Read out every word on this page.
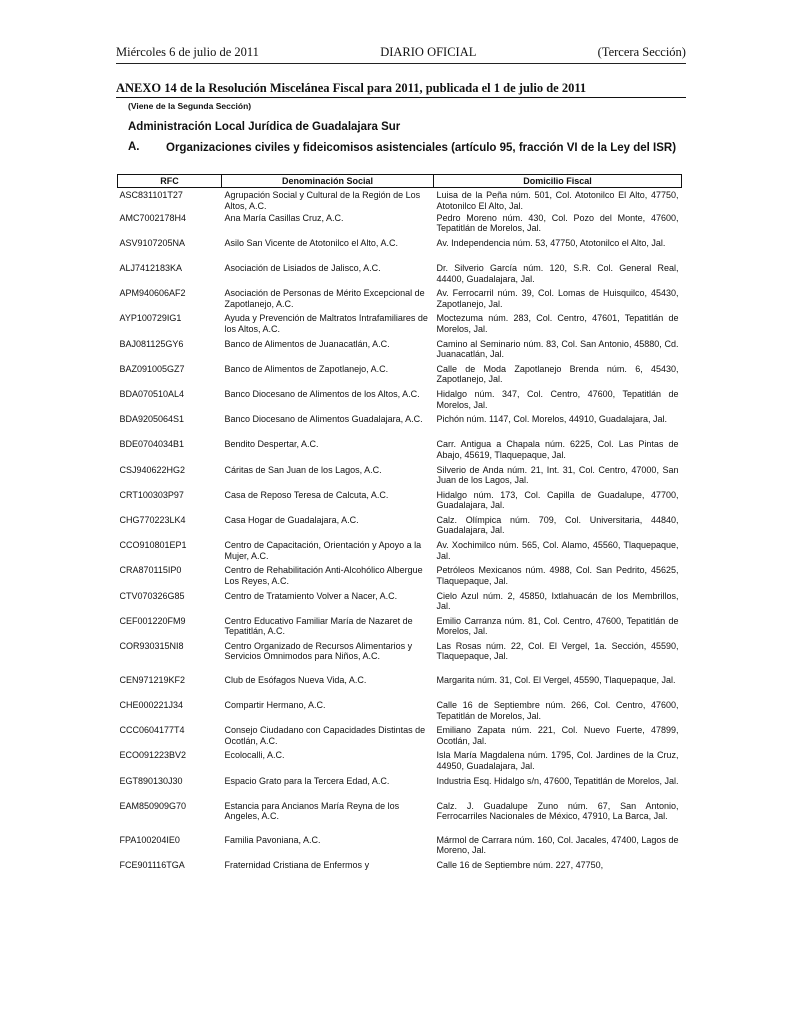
Miércoles 6 de julio de 2011	DIARIO OFICIAL	(Tercera Sección)
ANEXO 14 de la Resolución Miscelánea Fiscal para 2011, publicada el 1 de julio de 2011
(Viene de la Segunda Sección)
Administración Local Jurídica de Guadalajara Sur
A. Organizaciones civiles y fideicomisos asistenciales (artículo 95, fracción VI de la Ley del ISR)
RFC	Denominación Social	Domicilio Fiscal
ASC831101T27	Agrupación Social y Cultural de la Región de Los Altos, A.C.	Luisa de la Peña núm. 501, Col. Atotonilco El Alto, 47750, Atotonilco El Alto, Jal.
AMC7002178H4	Ana María Casillas Cruz, A.C.	Pedro Moreno núm. 430, Col. Pozo del Monte, 47600, Tepatitlán de Morelos, Jal.
ASV9107205NA	Asilo San Vicente de Atotonilco el Alto, A.C.	Av. Independencia núm. 53, 47750, Atotonilco el Alto, Jal.
ALJ7412183KA	Asociación de Lisiados de Jalisco, A.C.	Dr. Silverio García núm. 120, S.R. Col. General Real, 44400, Guadalajara, Jal.
APM940606AF2	Asociación de Personas de Mérito Excepcional de Zapotlanejo, A.C.	Av. Ferrocarril núm. 39, Col. Lomas de Huisquilco, 45430, Zapotlanejo, Jal.
AYP100729IG1	Ayuda y Prevención de Maltratos Intrafamiliares de los Altos, A.C.	Moctezuma núm. 283, Col. Centro, 47601, Tepatitlán de Morelos, Jal.
BAJ081125GY6	Banco de Alimentos de Juanacatlán, A.C.	Camino al Seminario núm. 83, Col. San Antonio, 45880, Cd. Juanacatlán, Jal.
BAZ091005GZ7	Banco de Alimentos de Zapotlanejo, A.C.	Calle de Moda Zapotlanejo Brenda núm. 6, 45430, Zapotlanejo, Jal.
BDA070510AL4	Banco Diocesano de Alimentos de los Altos, A.C.	Hidalgo núm. 347, Col. Centro, 47600, Tepatitlán de Morelos, Jal.
BDA9205064S1	Banco Diocesano de Alimentos Guadalajara, A.C.	Pichón núm. 1147, Col. Morelos, 44910, Guadalajara, Jal.
BDE0704034B1	Bendito Despertar, A.C.	Carr. Antigua a Chapala núm. 6225, Col. Las Pintas de Abajo, 45619, Tlaquepaque, Jal.
CSJ940622HG2	Cáritas de San Juan de los Lagos, A.C.	Silverio de Anda núm. 21, Int. 31, Col. Centro, 47000, San Juan de los Lagos, Jal.
CRT100303P97	Casa de Reposo Teresa de Calcuta, A.C.	Hidalgo núm. 173, Col. Capilla de Guadalupe, 47700, Guadalajara, Jal.
CHG770223LK4	Casa Hogar de Guadalajara, A.C.	Calz. Olímpica núm. 709, Col. Universitaria, 44840, Guadalajara, Jal.
CCO910801EP1	Centro de Capacitación, Orientación y Apoyo a la Mujer, A.C.	Av. Xochimilco núm. 565, Col. Alamo, 45560, Tlaquepaque, Jal.
CRA870115IP0	Centro de Rehabilitación Anti-Alcohólico Albergue Los Reyes, A.C.	Petróleos Mexicanos núm. 4988, Col. San Pedrito, 45625, Tlaquepaque, Jal.
CTV070326G85	Centro de Tratamiento Volver a Nacer, A.C.	Cielo Azul núm. 2, 45850, Ixtlahuacán de los Membrillos, Jal.
CEF001220FM9	Centro Educativo Familiar María de Nazaret de Tepatitlán, A.C.	Emilio Carranza núm. 81, Col. Centro, 47600, Tepatitlán de Morelos, Jal.
COR930315NI8	Centro Organizado de Recursos Alimentarios y Servicios Omnimodos para Niños, A.C.	Las Rosas núm. 22, Col. El Vergel, 1a. Sección, 45590, Tlaquepaque, Jal.
CEN971219KF2	Club de Esófagos Nueva Vida, A.C.	Margarita núm. 31, Col. El Vergel, 45590, Tlaquepaque, Jal.
CHE000221J34	Compartir Hermano, A.C.	Calle 16 de Septiembre núm. 266, Col. Centro, 47600, Tepatitlán de Morelos, Jal.
CCC0604177T4	Consejo Ciudadano con Capacidades Distintas de Ocotlán, A.C.	Emiliano Zapata núm. 221, Col. Nuevo Fuerte, 47899, Ocotlán, Jal.
ECO091223BV2	Ecolocalli, A.C.	Isla María Magdalena núm. 1795, Col. Jardines de la Cruz, 44950, Guadalajara, Jal.
EGT890130J30	Espacio Grato para la Tercera Edad, A.C.	Industria Esq. Hidalgo s/n, 47600, Tepatitlán de Morelos, Jal.
EAM850909G70	Estancia para Ancianos María Reyna de los Angeles, A.C.	Calz. J. Guadalupe Zuno núm. 67, San Antonio, Ferrocarriles Nacionales de México, 47910, La Barca, Jal.
FPA100204IE0	Familia Pavoniana, A.C.	Mármol de Carrara núm. 160, Col. Jacales, 47400, Lagos de Moreno, Jal.
FCE901116TGA	Fraternidad Cristiana de Enfermos y	Calle 16 de Septiembre núm. 227, 47750,
